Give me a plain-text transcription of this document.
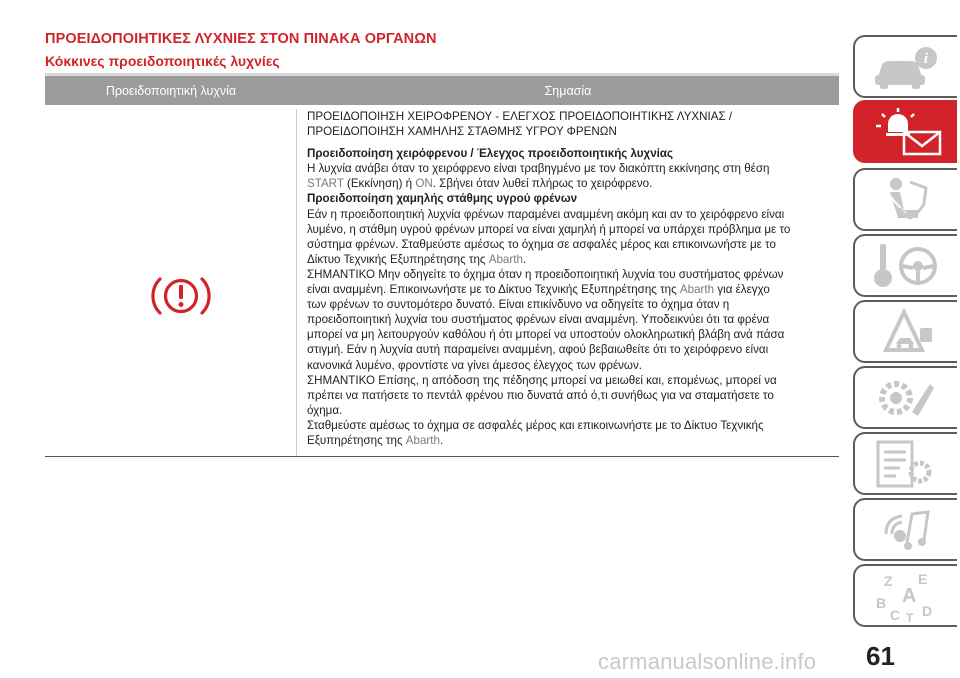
ΠΡΟΕΙΔΟΠΟΙΗΤΙΚΕΣ ΛΥΧΝΙΕΣ ΣΤΟΝ ΠΙΝΑΚΑ ΟΡΓΑΝΩΝ
Κόκκινες προειδοποιητικές λυχνίες
Προειδοποιητική λυχνία	Σημασία

ΠΡΟΕΙΔΟΠΟΙΗΣΗ ΧΕΙΡΟΦΡΕΝΟΥ - ΕΛΕΓΧΟΣ ΠΡΟΕΙΔΟΠΟΙΗΤΙΚΗΣ ΛΥΧΝΙΑΣ /
ΠΡΟΕΙΔΟΠΟΙΗΣΗ ΧΑΜΗΛΗΣ ΣΤΑΘΜΗΣ ΥΓΡΟΥ ΦΡΕΝΩΝ

Προειδοποίηση χειρόφρενου / Έλεγχος προειδοποιητικής λυχνίας

Η λυχνία ανάβει όταν το χειρόφρενο είναι τραβηγμένο με τον διακόπτη εκκίνησης στη θέση
START (Εκκίνηση) ή ON. Σβήνει όταν λυθεί πλήρως το χειρόφρενο.

Προειδοποίηση χαμηλής στάθμης υγρού φρένων

Εάν η προειδοποιητική λυχνία φρένων παραμένει αναμμένη ακόμη και αν το χειρόφρενο είναι
λυμένο, η στάθμη υγρού φρένων μπορεί να είναι χαμηλή ή μπορεί να υπάρχει πρόβλημα με το
σύστημα φρένων. Σταθμεύστε αμέσως το όχημα σε ασφαλές μέρος και επικοινωνήστε με το
Δίκτυο Τεχνικής Εξυπηρέτησης της Abarth.
ΣΗΜΑΝΤΙΚΟ Μην οδηγείτε το όχημα όταν η προειδοποιητική λυχνία του συστήματος φρένων
είναι αναμμένη. Επικοινωνήστε με το Δίκτυο Τεχνικής Εξυπηρέτησης της Abarth για έλεγχο
των φρένων το συντομότερο δυνατό. Είναι επικίνδυνο να οδηγείτε το όχημα όταν η
προειδοποιητική λυχνία του συστήματος φρένων είναι αναμμένη. Υποδεικνύει ότι τα φρένα
μπορεί να μη λειτουργούν καθόλου ή ότι μπορεί να υποστούν ολοκληρωτική βλάβη ανά πάσα
στιγμή. Εάν η λυχνία αυτή παραμείνει αναμμένη, αφού βεβαιωθείτε ότι το χειρόφρενο είναι
κανονικά λυμένο, φροντίστε να γίνει άμεσος έλεγχος των φρένων.
ΣΗΜΑΝΤΙΚΟ Επίσης, η απόδοση της πέδησης μπορεί να μειωθεί και, επομένως, μπορεί να
πρέπει να πατήσετε το πεντάλ φρένου πιο δυνατά από ό,τι συνήθως για να σταματήσετε το
όχημα.
Σταθμεύστε αμέσως το όχημα σε ασφαλές μέρος και επικοινωνήστε με το Δίκτυο Τεχνικής
Εξυπηρέτησης της Abarth.

i
Z E
A
B
C D
T
61
carmanualsonline.info
